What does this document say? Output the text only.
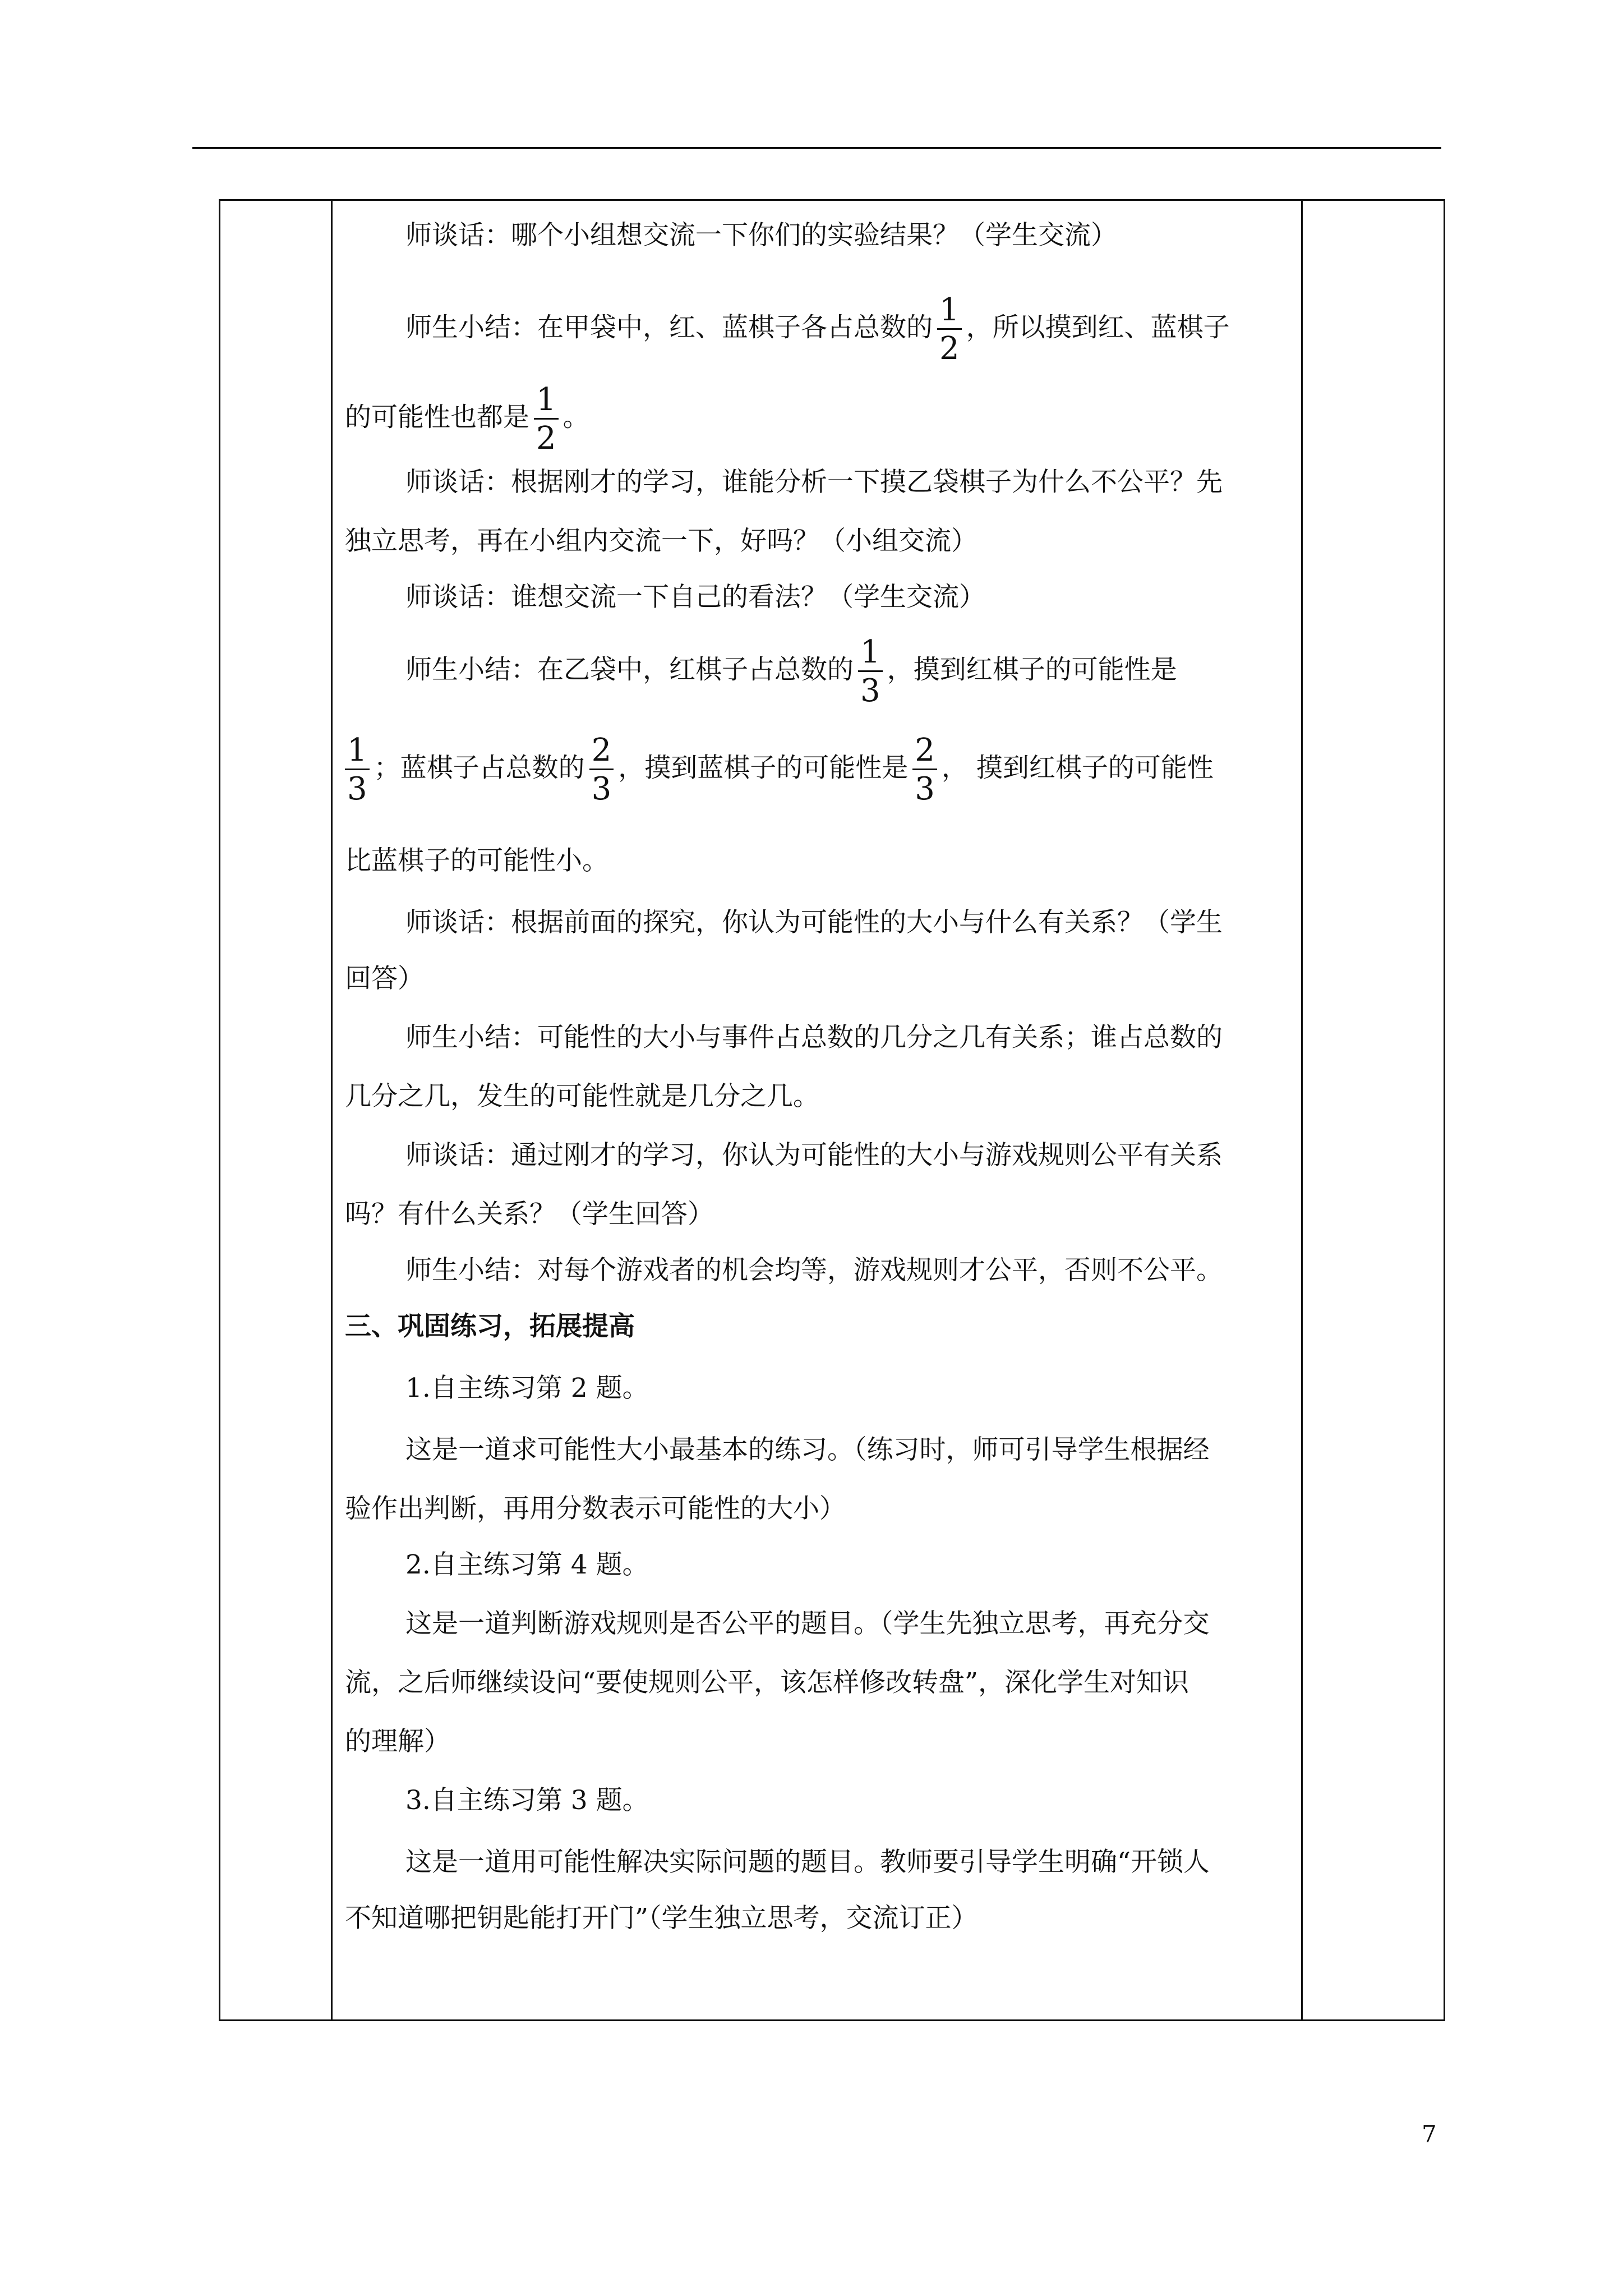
师谈话：哪个小组想交流一下你们的实验结果？（学生交流）
师生小结：在甲袋中，红、蓝棋子各占总数的 $\frac{1}{2}$ ，所以摸到红、蓝棋子
的可能性也都是 $\frac{1}{2}$ 。
师谈话：根据刚才的学习，谁能分析一下摸乙袋棋子为什么不公平？先
独立思考，再在小组内交流一下，好吗？（小组交流）
师谈话：谁想交流一下自己的看法？（学生交流）
师生小结：在乙袋中，红棋子占总数的 $\frac{1}{3}$ ，摸到红棋子的可能性是
$\frac{1}{3}$ ；蓝棋子占总数的 $\frac{2}{3}$ ，摸到蓝棋子的可能性是 $\frac{2}{3}$ ， 摸到红棋子的可能性
比蓝棋子的可能性小。
师谈话：根据前面的探究，你认为可能性的大小与什么有关系？（学生
回答）
师生小结：可能性的大小与事件占总数的几分之几有关系；谁占总数的
几分之几，发生的可能性就是几分之几。
师谈话：通过刚才的学习，你认为可能性的大小与游戏规则公平有关系
吗？有什么关系？（学生回答）
师生小结：对每个游戏者的机会均等，游戏规则才公平，否则不公平。
三、巩固练习，拓展提高
1.自主练习第 2 题。
这是一道求可能性大小最基本的练习。（练习时，师可引导学生根据经
验作出判断，再用分数表示可能性的大小）
2.自主练习第 4 题。
这是一道判断游戏规则是否公平的题目。（学生先独立思考，再充分交
流，之后师继续设问“要使规则公平，该怎样修改转盘”，深化学生对知识
的理解）
3.自主练习第 3 题。
这是一道用可能性解决实际问题的题目。教师要引导学生明确“开锁人
不知道哪把钥匙能打开门”（学生独立思考，交流订正）
7
